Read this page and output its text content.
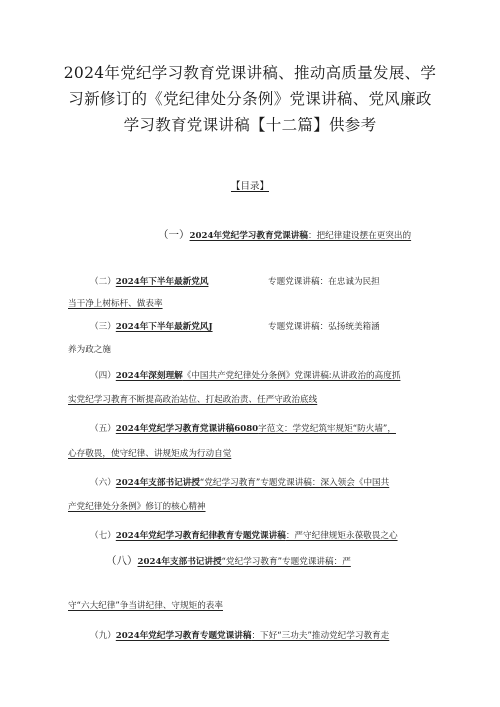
2024年党纪学习教育党课讲稿、推动高质量发展、学
习新修订的《党纪律处分条例》党课讲稿、党风廉政
学习教育党课讲稿【十二篇】供参考
【目录】
（一）2024年党纪学习教育党课讲稿：把纪律建设摆在更突出的
（二）2024年下半年最新党风	专题党课讲稿：在忠诚为民担
当干净上树标杆、做表率
（三）2024年下半年最新党风J	专题党课讲稿：弘扬统美箱涵
养为政之施
（四）2024年深刻理解《中国共产党纪律处分条例》党课讲稿:从讲政治的高度抓
实党纪学习教育不断提高政治站位、打起政治责、任严守政治底线
（五）2024年党纪学习教育党课讲稿6080字范文：学党纪筑牢规矩“防火墙”，
心存敬畏，使守纪律、讲规矩成为行动自觉
（六）2024年支部书记讲授“党纪学习教育”专题党课讲稿：深入领会《中国共
产党纪律处分条例》修订的核心精神
（七）2024年党纪学习教育纪律教育专题党课讲稿：严守纪律规矩永葆敬畏之心
（八）2024年支部书记讲授“党纪学习教育”专题党课讲稿：严
守“六大纪律”争当讲纪律、守规矩的表率
（九）2024年党纪学习教育专题党课讲稿：下好“三功夫”推动党纪学习教育走
